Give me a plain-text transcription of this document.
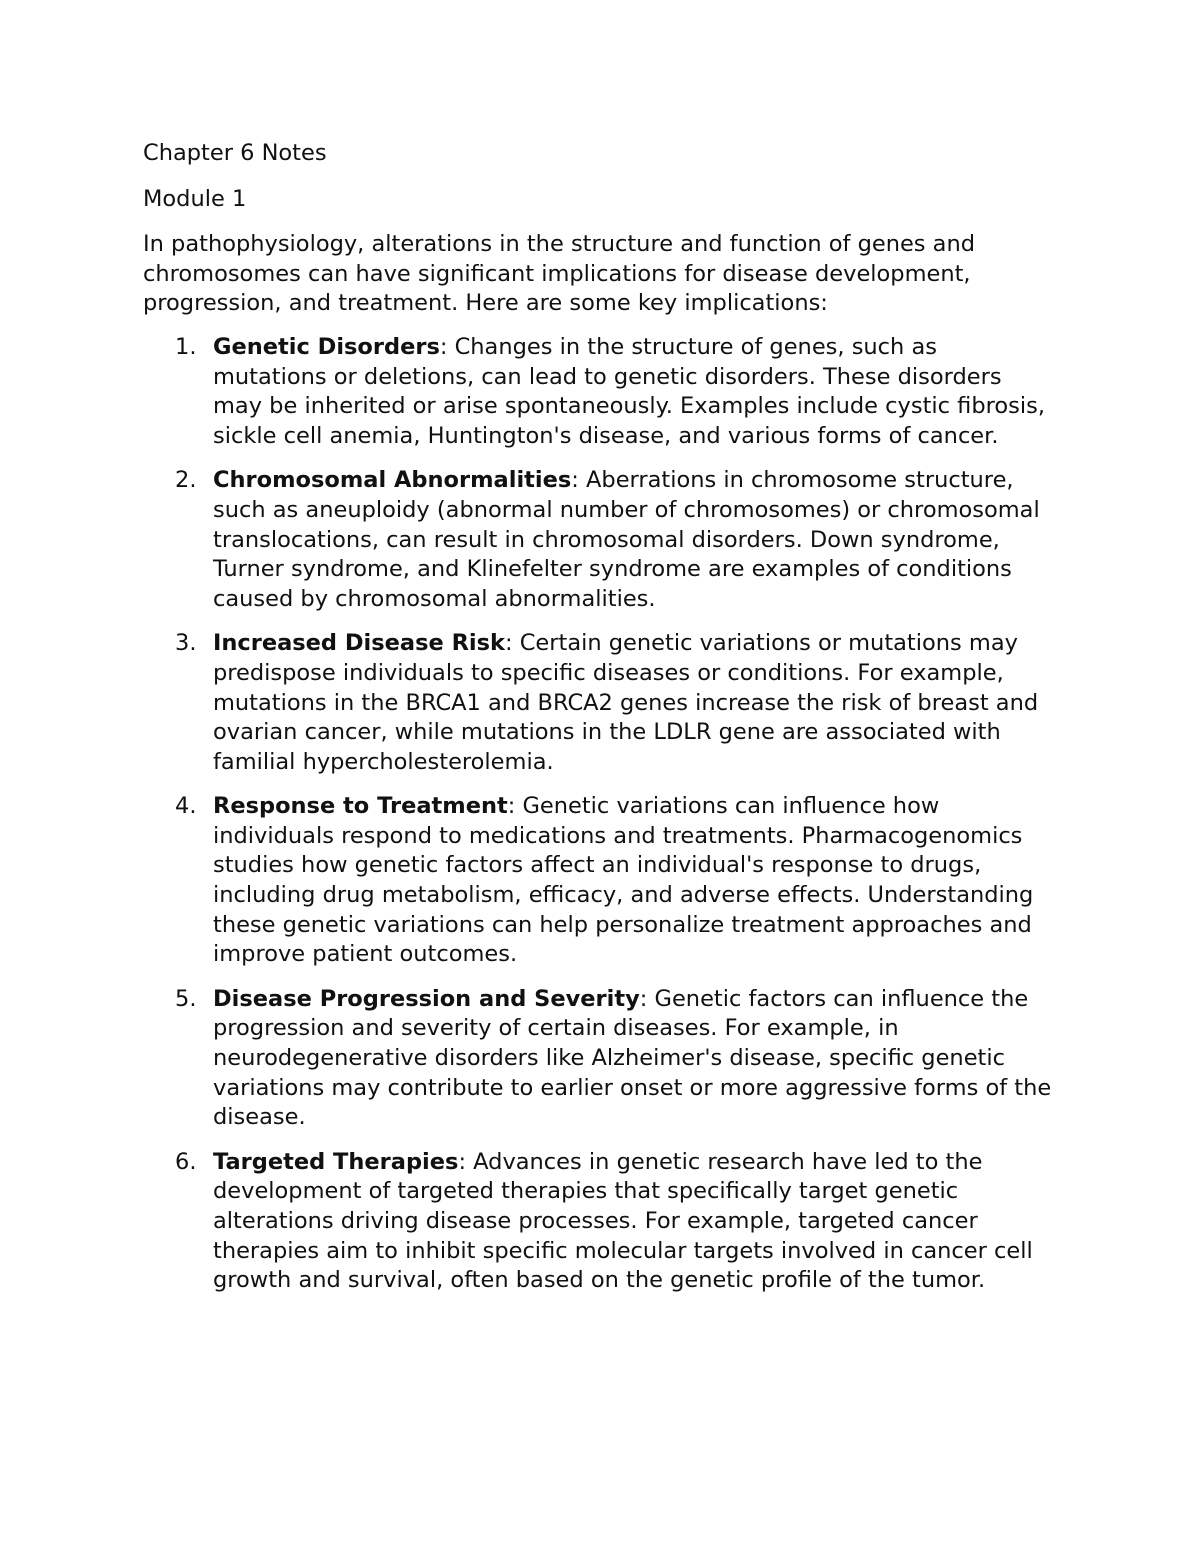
Chapter 6 Notes

Module 1

In pathophysiology, alterations in the structure and function of genes and chromosomes can have significant implications for disease development, progression, and treatment. Here are some key implications:

1. Genetic Disorders: Changes in the structure of genes, such as mutations or deletions, can lead to genetic disorders. These disorders may be inherited or arise spontaneously. Examples include cystic fibrosis, sickle cell anemia, Huntington's disease, and various forms of cancer.
2. Chromosomal Abnormalities: Aberrations in chromosome structure, such as aneuploidy (abnormal number of chromosomes) or chromosomal translocations, can result in chromosomal disorders. Down syndrome, Turner syndrome, and Klinefelter syndrome are examples of conditions caused by chromosomal abnormalities.
3. Increased Disease Risk: Certain genetic variations or mutations may predispose individuals to specific diseases or conditions. For example, mutations in the BRCA1 and BRCA2 genes increase the risk of breast and ovarian cancer, while mutations in the LDLR gene are associated with familial hypercholesterolemia.
4. Response to Treatment: Genetic variations can influence how individuals respond to medications and treatments. Pharmacogenomics studies how genetic factors affect an individual's response to drugs, including drug metabolism, efficacy, and adverse effects. Understanding these genetic variations can help personalize treatment approaches and improve patient outcomes.
5. Disease Progression and Severity: Genetic factors can influence the progression and severity of certain diseases. For example, in neurodegenerative disorders like Alzheimer's disease, specific genetic variations may contribute to earlier onset or more aggressive forms of the disease.
6. Targeted Therapies: Advances in genetic research have led to the development of targeted therapies that specifically target genetic alterations driving disease processes. For example, targeted cancer therapies aim to inhibit specific molecular targets involved in cancer cell growth and survival, often based on the genetic profile of the tumor.
